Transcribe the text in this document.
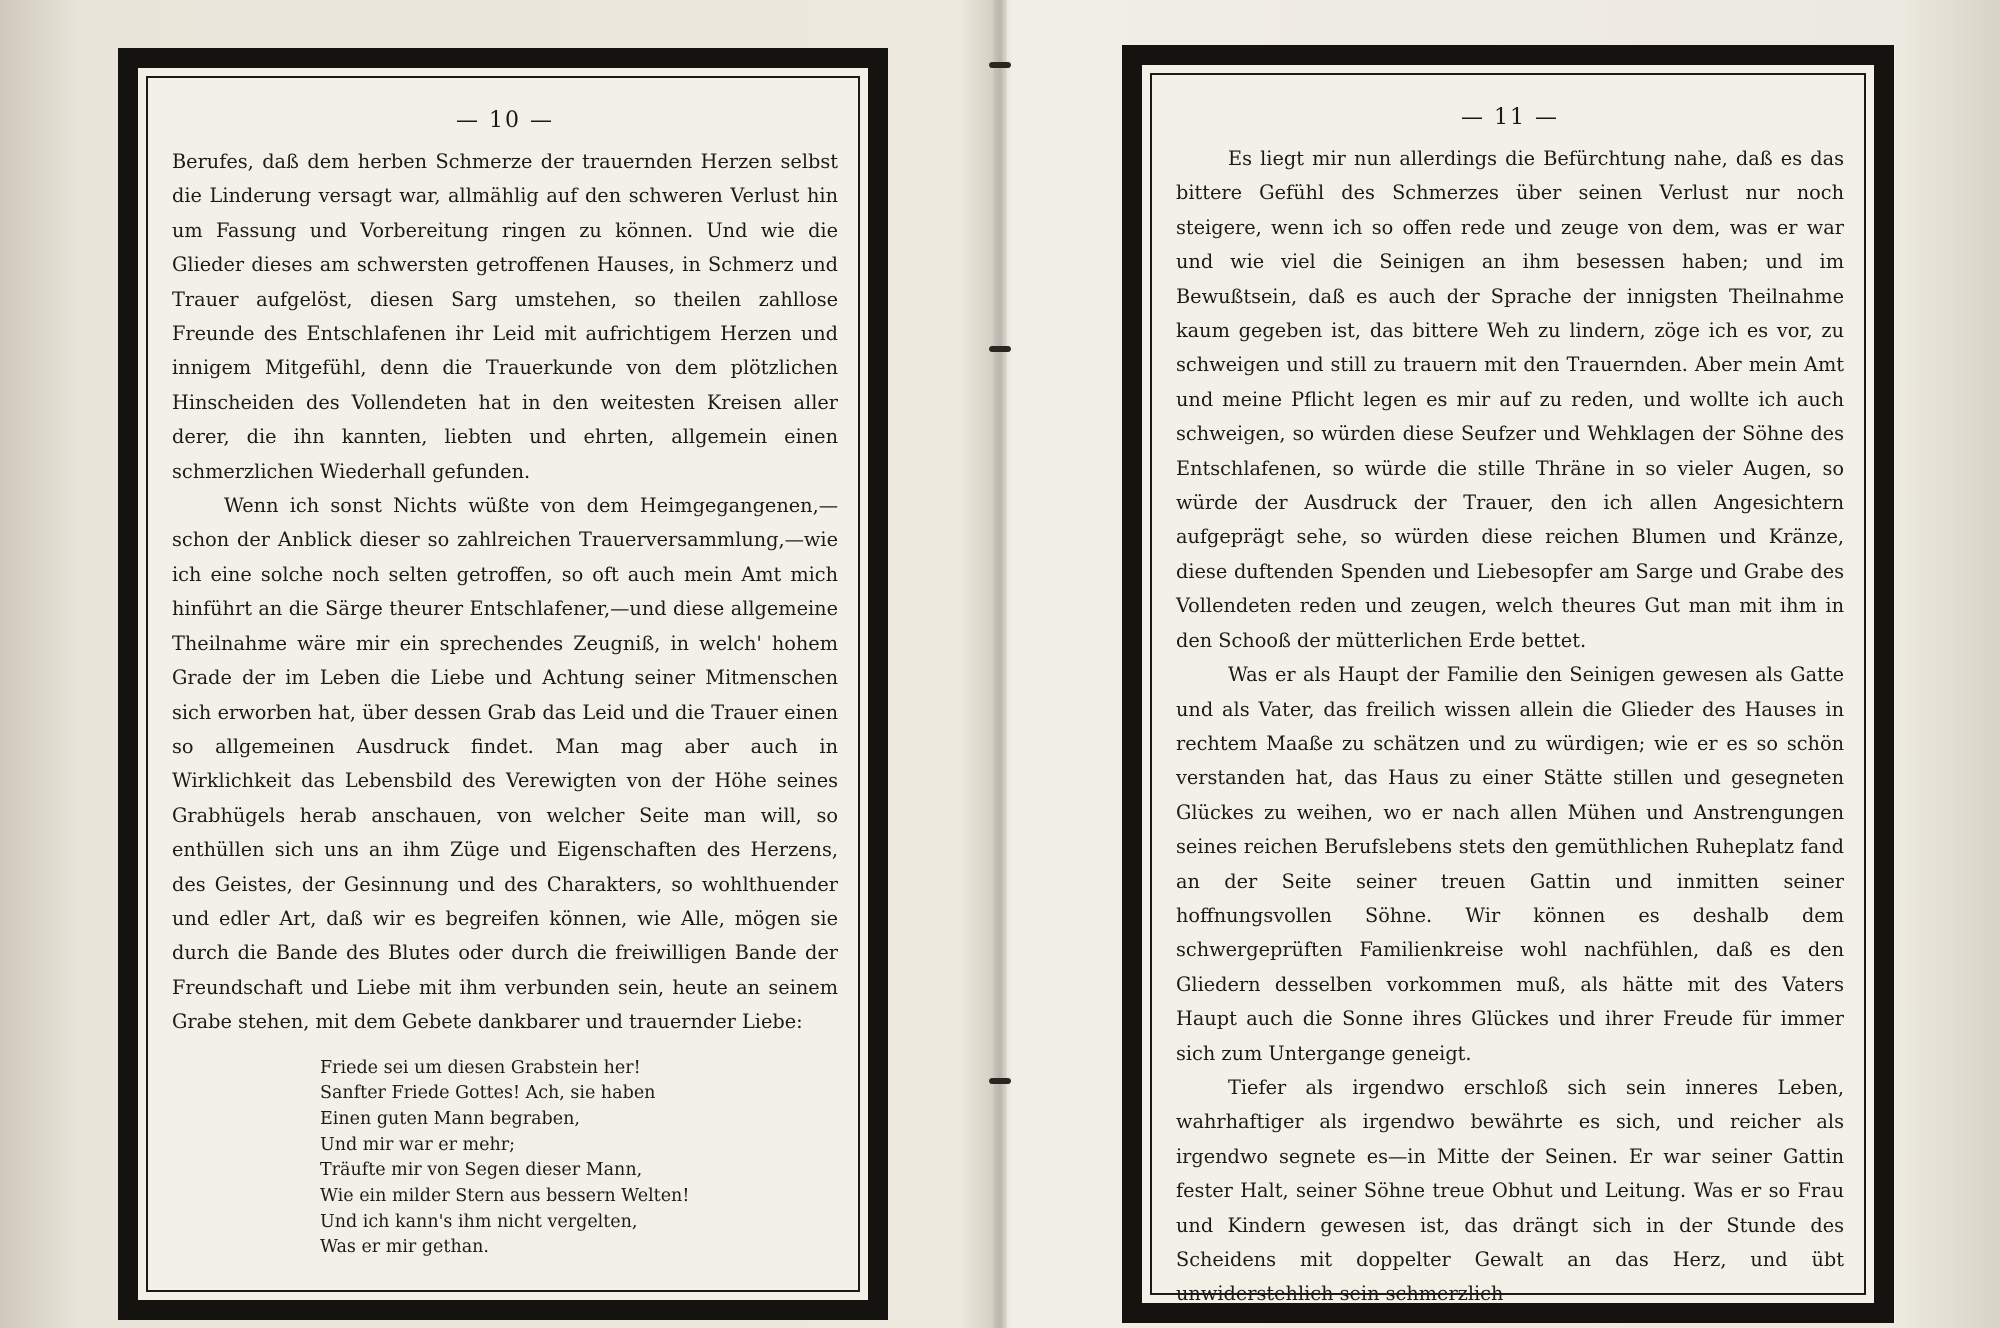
— 10 —

Berufes, daß dem herben Schmerze der trauernden Herzen selbst die Linderung versagt war, allmählig auf den schweren Verlust hin um Fassung und Vorbereitung ringen zu können. Und wie die Glieder dieses am schwersten getroffenen Hauses, in Schmerz und Trauer aufgelöst, diesen Sarg umstehen, so theilen zahllose Freunde des Entschlafenen ihr Leid mit aufrichtigem Herzen und innigem Mitgefühl, denn die Trauerkunde von dem plötzlichen Hinscheiden des Vollendeten hat in den weitesten Kreisen aller derer, die ihn kannten, liebten und ehrten, allgemein einen schmerzlichen Wiederhall gefunden.

Wenn ich sonst Nichts wüßte von dem Heimgegangenen,—schon der Anblick dieser so zahlreichen Trauerversammlung,—wie ich eine solche noch selten getroffen, so oft auch mein Amt mich hinführt an die Särge theurer Entschlafener,—und diese allgemeine Theilnahme wäre mir ein sprechendes Zeugniß, in welch' hohem Grade der im Leben die Liebe und Achtung seiner Mitmenschen sich erworben hat, über dessen Grab das Leid und die Trauer einen so allgemeinen Ausdruck findet. Man mag aber auch in Wirklichkeit das Lebensbild des Verewigten von der Höhe seines Grabhügels herab anschauen, von welcher Seite man will, so enthüllen sich uns an ihm Züge und Eigenschaften des Herzens, des Geistes, der Gesinnung und des Charakters, so wohlthuender und edler Art, daß wir es begreifen können, wie Alle, mögen sie durch die Bande des Blutes oder durch die freiwilligen Bande der Freundschaft und Liebe mit ihm verbunden sein, heute an seinem Grabe stehen, mit dem Gebete dankbarer und trauernder Liebe:

Friede sei um diesen Grabstein her!
Sanfter Friede Gottes! Ach, sie haben
Einen guten Mann begraben,
Und mir war er mehr;
Träufte mir von Segen dieser Mann,
Wie ein milder Stern aus bessern Welten!
Und ich kann's ihm nicht vergelten,
Was er mir gethan.
— 11 —

Es liegt mir nun allerdings die Befürchtung nahe, daß es das bittere Gefühl des Schmerzes über seinen Verlust nur noch steigere, wenn ich so offen rede und zeuge von dem, was er war und wie viel die Seinigen an ihm besessen haben; und im Bewußtsein, daß es auch der Sprache der innigsten Theilnahme kaum gegeben ist, das bittere Weh zu lindern, zöge ich es vor, zu schweigen und still zu trauern mit den Trauernden. Aber mein Amt und meine Pflicht legen es mir auf zu reden, und wollte ich auch schweigen, so würden diese Seufzer und Wehklagen der Söhne des Entschlafenen, so würde die stille Thräne in so vieler Augen, so würde der Ausdruck der Trauer, den ich allen Angesichtern aufgeprägt sehe, so würden diese reichen Blumen und Kränze, diese duftenden Spenden und Liebesopfer am Sarge und Grabe des Vollendeten reden und zeugen, welch theures Gut man mit ihm in den Schooß der mütterlichen Erde bettet.

Was er als Haupt der Familie den Seinigen gewesen als Gatte und als Vater, das freilich wissen allein die Glieder des Hauses in rechtem Maaße zu schätzen und zu würdigen; wie er es so schön verstanden hat, das Haus zu einer Stätte stillen und gesegneten Glückes zu weihen, wo er nach allen Mühen und Anstrengungen seines reichen Berufslebens stets den gemüthlichen Ruheplatz fand an der Seite seiner treuen Gattin und inmitten seiner hoffnungsvollen Söhne. Wir können es deshalb dem schwergeprüften Familienkreise wohl nachfühlen, daß es den Gliedern desselben vorkommen muß, als hätte mit des Vaters Haupt auch die Sonne ihres Glückes und ihrer Freude für immer sich zum Untergange geneigt.

Tiefer als irgendwo erschloß sich sein inneres Leben, wahrhaftiger als irgendwo bewährte es sich, und reicher als irgendwo segnete es—in Mitte der Seinen. Er war seiner Gattin fester Halt, seiner Söhne treue Obhut und Leitung. Was er so Frau und Kindern gewesen ist, das drängt sich in der Stunde des Scheidens mit doppelter Gewalt an das Herz, und übt unwiderstehlich sein schmerzlich
